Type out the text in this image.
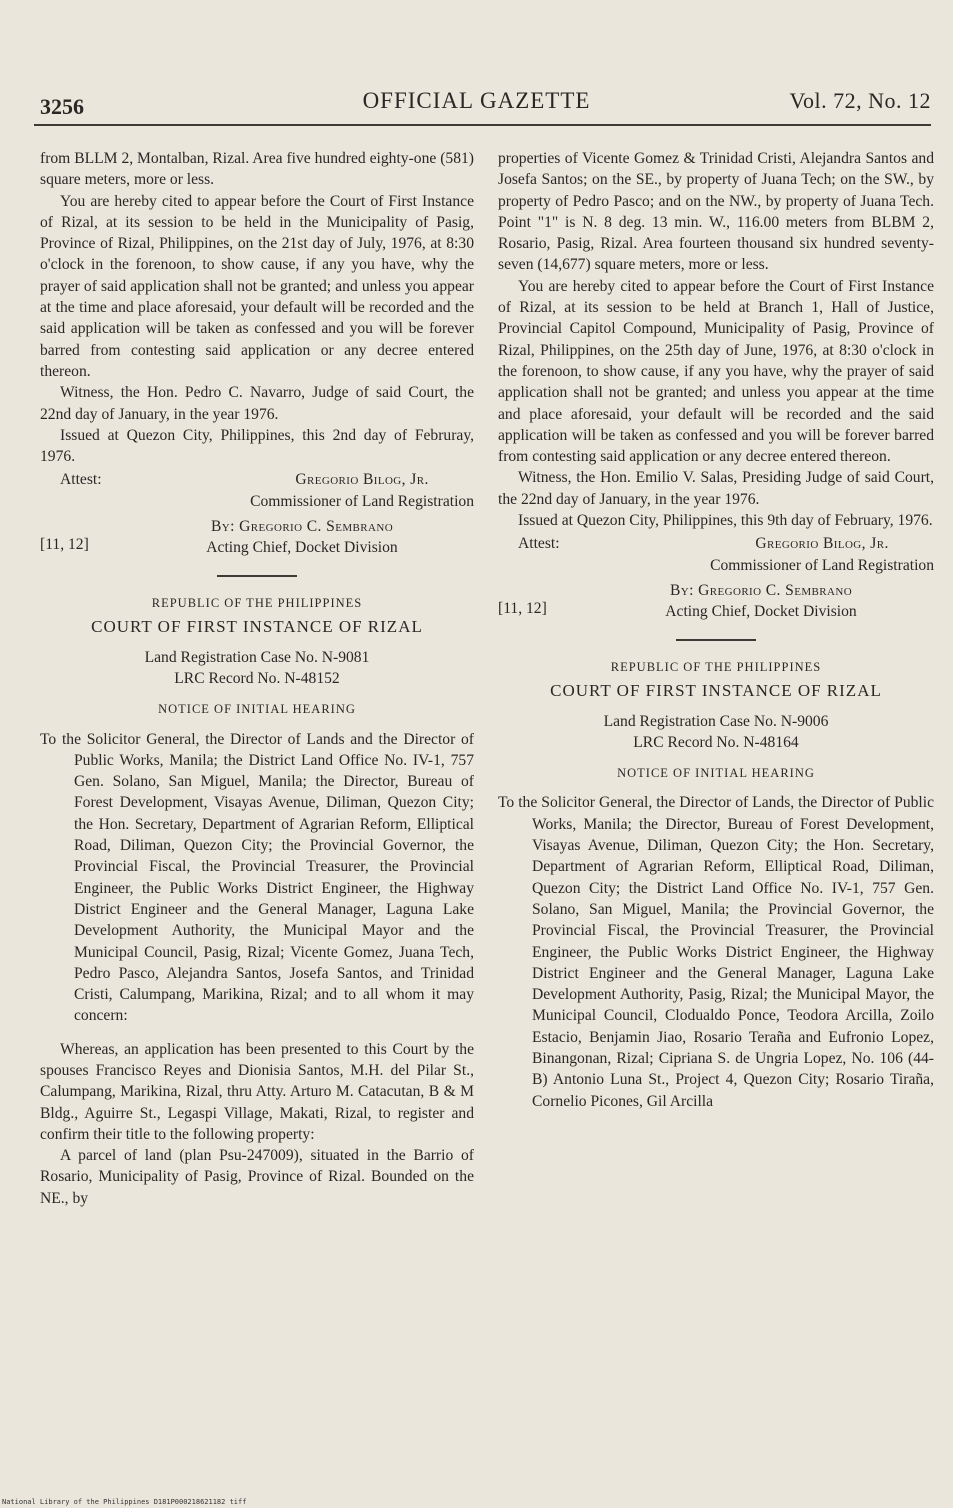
3256	OFFICIAL GAZETTE	Vol. 72, No. 12

from BLLM 2, Montalban, Rizal. Area five hundred eighty-one (581) square meters, more or less.

You are hereby cited to appear before the Court of First Instance of Rizal, at its session to be held in the Municipality of Pasig, Province of Rizal, Philippines, on the 21st day of July, 1976, at 8:30 o'clock in the forenoon, to show cause, if any you have, why the prayer of said application shall not be granted; and unless you appear at the time and place aforesaid, your default will be recorded and the said application will be taken as confessed and you will be forever barred from contesting said application or any decree entered thereon.

Witness, the Hon. Pedro C. Navarro, Judge of said Court, the 22nd day of January, in the year 1976.

Issued at Quezon City, Philippines, this 2nd day of Februray, 1976.

Attest:	Gregorio Bilog, Jr.
Commissioner of Land Registration
[11, 12]
By: Gregorio C. Sembrano
Acting Chief, Docket Division
REPUBLIC OF THE PHILIPPINES
COURT OF FIRST INSTANCE OF RIZAL
Land Registration Case No. N-9081
LRC Record No. N-48152
NOTICE OF INITIAL HEARING

To the Solicitor General, the Director of Lands and the Director of Public Works, Manila; the District Land Office No. IV-1, 757 Gen. Solano, San Miguel, Manila; the Director, Bureau of Forest Development, Visayas Avenue, Diliman, Quezon City; the Hon. Secretary, Department of Agrarian Reform, Elliptical Road, Diliman, Quezon City; the Provincial Governor, the Provincial Fiscal, the Provincial Treasurer, the Provincial Engineer, the Public Works District Engineer, the Highway District Engineer and the General Manager, Laguna Lake Development Authority, the Municipal Mayor and the Municipal Council, Pasig, Rizal; Vicente Gomez, Juana Tech, Pedro Pasco, Alejandra Santos, Josefa Santos, and Trinidad Cristi, Calumpang, Marikina, Rizal; and to all whom it may concern:

Whereas, an application has been presented to this Court by the spouses Francisco Reyes and Dionisia Santos, M.H. del Pilar St., Calumpang, Marikina, Rizal, thru Atty. Arturo M. Catacutan, B & M Bldg., Aguirre St., Legaspi Village, Makati, Rizal, to register and confirm their title to the following property:

A parcel of land (plan Psu-247009), situated in the Barrio of Rosario, Municipality of Pasig, Province of Rizal. Bounded on the NE., by

properties of Vicente Gomez & Trinidad Cristi, Alejandra Santos and Josefa Santos; on the SE., by property of Juana Tech; on the SW., by property of Pedro Pasco; and on the NW., by property of Juana Tech. Point "1" is N. 8 deg. 13 min. W., 116.00 meters from BLBM 2, Rosario, Pasig, Rizal. Area fourteen thousand six hundred seventy-seven (14,677) square meters, more or less.

You are hereby cited to appear before the Court of First Instance of Rizal, at its session to be held at Branch 1, Hall of Justice, Provincial Capitol Compound, Municipality of Pasig, Province of Rizal, Philippines, on the 25th day of June, 1976, at 8:30 o'clock in the forenoon, to show cause, if any you have, why the prayer of said application shall not be granted; and unless you appear at the time and place aforesaid, your default will be recorded and the said application will be taken as confessed and you will be forever barred from contesting said application or any decree entered thereon.

Witness, the Hon. Emilio V. Salas, Presiding Judge of said Court, the 22nd day of January, in the year 1976.

Issued at Quezon City, Philippines, this 9th day of February, 1976.

Attest:	Gregorio Bilog, Jr.
Commissioner of Land Registration
[11, 12]
By: Gregorio C. Sembrano
Acting Chief, Docket Division
REPUBLIC OF THE PHILIPPINES
COURT OF FIRST INSTANCE OF RIZAL
Land Registration Case No. N-9006
LRC Record No. N-48164
NOTICE OF INITIAL HEARING

To the Solicitor General, the Director of Lands, the Director of Public Works, Manila; the Director, Bureau of Forest Development, Visayas Avenue, Diliman, Quezon City; the Hon. Secretary, Department of Agrarian Reform, Elliptical Road, Diliman, Quezon City; the District Land Office No. IV-1, 757 Gen. Solano, San Miguel, Manila; the Provincial Governor, the Provincial Fiscal, the Provincial Treasurer, the Provincial Engineer, the Public Works District Engineer, the Highway District Engineer and the General Manager, Laguna Lake Development Authority, Pasig, Rizal; the Municipal Mayor, the Municipal Council, Clodualdo Ponce, Teodora Arcilla, Zoilo Estacio, Benjamin Jiao, Rosario Teraña and Eufronio Lopez, Binangonan, Rizal; Cipriana S. de Ungria Lopez, No. 106 (44-B) Antonio Luna St., Project 4, Quezon City; Rosario Tiraña, Cornelio Picones, Gil Arcilla

National Library of the Philippines D181P000218621182 tiff
